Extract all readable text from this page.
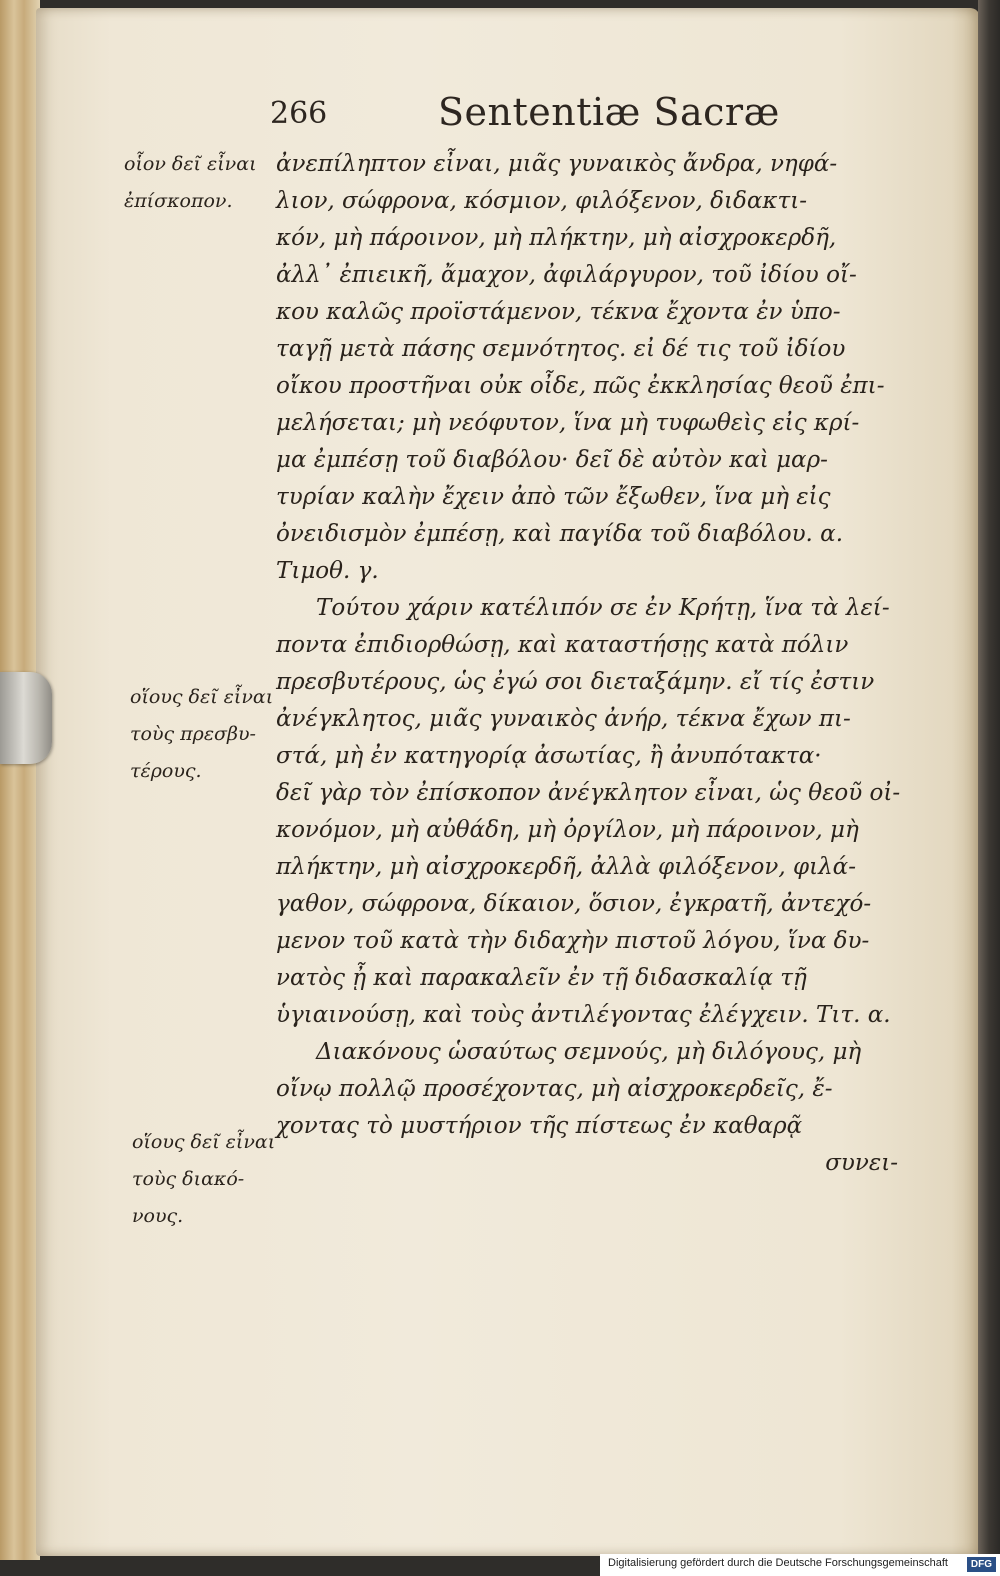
266	Sententiæ Sacræ
οἷον δεῖ εἶναι
ἐπίσκοπον.
οἵους δεῖ εἶναι
τοὺς πρεσβυ-
τέρους.
οἵους δεῖ εἶναι
τοὺς διακό-
νους.
ἀνεπίληπτον εἶναι, μιᾶς γυναικὸς ἄνδρα, νηφά-
λιον, σώφρονα, κόσμιον, φιλόξενον, διδακτι-
κόν, μὴ πάροινον, μὴ πλήκτην, μὴ αἰσχροκερδῆ,
ἀλλ᾽ ἐπιεικῆ, ἄμαχον, ἀφιλάργυρον, τοῦ ἰδίου οἴ-
κου καλῶς προϊστάμενον, τέκνα ἔχοντα ἐν ὑπο-
ταγῇ μετὰ πάσης σεμνότητος. εἰ δέ τις τοῦ ἰδίου
οἴκου προστῆναι οὐκ οἶδε, πῶς ἐκκλησίας θεοῦ ἐπι-
μελήσεται; μὴ νεόφυτον, ἵνα μὴ τυφωθεὶς εἰς κρί-
μα ἐμπέσῃ τοῦ διαβόλου· δεῖ δὲ αὐτὸν καὶ μαρ-
τυρίαν καλὴν ἔχειν ἀπὸ τῶν ἔξωθεν, ἵνα μὴ εἰς
ὀνειδισμὸν ἐμπέσῃ, καὶ παγίδα τοῦ διαβόλου. α.
Τιμοθ. γ.
Τούτου χάριν κατέλιπόν σε ἐν Κρήτῃ, ἵνα τὰ λεί-
ποντα ἐπιδιορθώσῃ, καὶ καταστήσῃς κατὰ πόλιν
πρεσβυτέρους, ὡς ἐγώ σοι διεταξάμην. εἴ τίς ἐστιν
ἀνέγκλητος, μιᾶς γυναικὸς ἀνήρ, τέκνα ἔχων πι-
στά, μὴ ἐν κατηγορίᾳ ἀσωτίας, ἢ ἀνυπότακτα·
δεῖ γὰρ τὸν ἐπίσκοπον ἀνέγκλητον εἶναι, ὡς θεοῦ οἰ-
κονόμον, μὴ αὐθάδη, μὴ ὀργίλον, μὴ πάροινον, μὴ
πλήκτην, μὴ αἰσχροκερδῆ, ἀλλὰ φιλόξενον, φιλά-
γαθον, σώφρονα, δίκαιον, ὅσιον, ἐγκρατῆ, ἀντεχό-
μενον τοῦ κατὰ τὴν διδαχὴν πιστοῦ λόγου, ἵνα δυ-
νατὸς ᾖ καὶ παρακαλεῖν ἐν τῇ διδασκαλίᾳ τῇ
ὑγιαινούσῃ, καὶ τοὺς ἀντιλέγοντας ἐλέγχειν. Τιτ. α.
Διακόνους ὡσαύτως σεμνούς, μὴ διλόγους, μὴ
οἴνῳ πολλῷ προσέχοντας, μὴ αἰσχροκερδεῖς, ἔ-
χοντας τὸ μυστήριον τῆς πίστεως ἐν καθαρᾷ
συνει-
Digitalisierung gefördert durch die Deutsche Forschungsgemeinschaft	DFG
